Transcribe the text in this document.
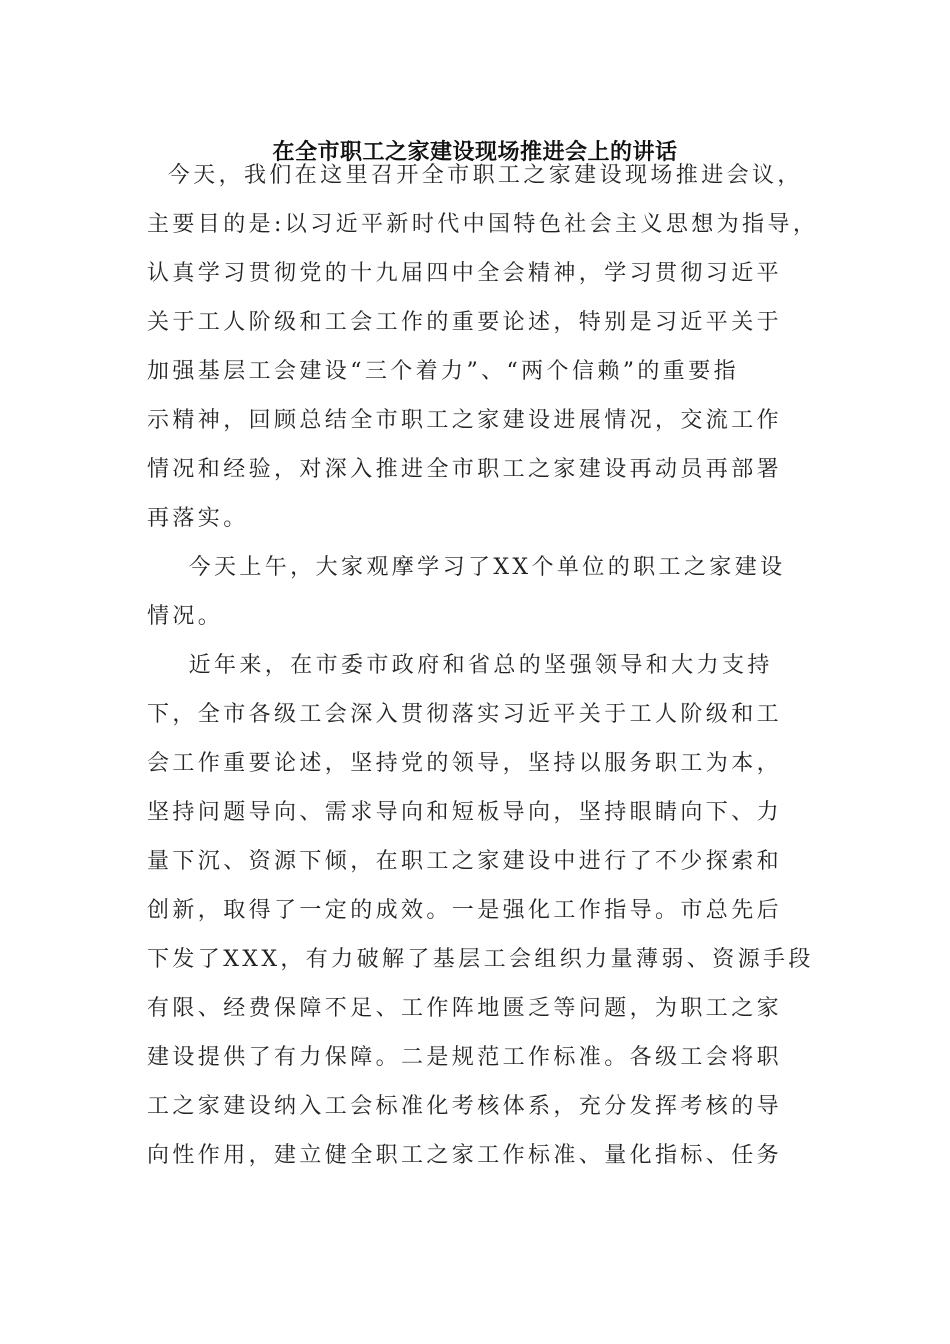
在全市职工之家建设现场推进会上的讲话
今天，我们在这里召开全市职工之家建设现场推进会议，
主要目的是:以习近平新时代中国特色社会主义思想为指导，
认真学习贯彻党的十九届四中全会精神，学习贯彻习近平
关于工人阶级和工会工作的重要论述，特别是习近平关于
加强基层工会建设“三个着力”、“两个信赖”的重要指
示精神，回顾总结全市职工之家建设进展情况，交流工作
情况和经验，对深入推进全市职工之家建设再动员再部署
再落实。
今天上午，大家观摩学习了XX个单位的职工之家建设
情况。
近年来，在市委市政府和省总的坚强领导和大力支持
下，全市各级工会深入贯彻落实习近平关于工人阶级和工
会工作重要论述，坚持党的领导，坚持以服务职工为本，
坚持问题导向、需求导向和短板导向，坚持眼睛向下、力
量下沉、资源下倾，在职工之家建设中进行了不少探索和
创新，取得了一定的成效。一是强化工作指导。市总先后
下发了XXX，有力破解了基层工会组织力量薄弱、资源手段
有限、经费保障不足、工作阵地匮乏等问题，为职工之家
建设提供了有力保障。二是规范工作标准。各级工会将职
工之家建设纳入工会标准化考核体系，充分发挥考核的导
向性作用，建立健全职工之家工作标准、量化指标、任务
